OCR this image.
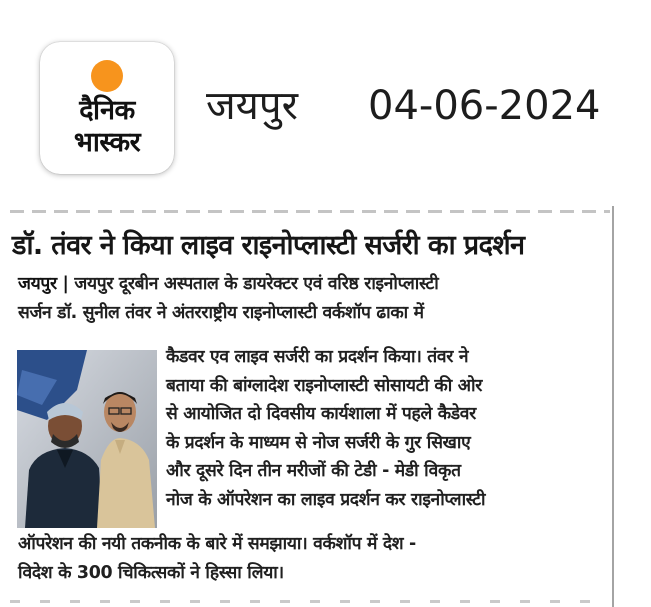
दैनिक
भास्कर
जयपुर 04-06-2024
डॉ. तंवर ने किया लाइव राइनोप्लास्टी सर्जरी का प्रदर्शन
जयपुर | जयपुर दूरबीन अस्पताल के डायरेक्टर एवं वरिष्ठ राइनोप्लास्टी
सर्जन डॉ. सुनील तंवर ने अंतरराष्ट्रीय राइनोप्लास्टी वर्कशॉप ढाका में
कैडवर एव लाइव सर्जरी का प्रदर्शन किया। तंवर ने
बताया की बांग्लादेश राइनोप्लास्टी सोसायटी की ओर
से आयोजित दो दिवसीय कार्यशाला में पहले कैडेवर
के प्रदर्शन के माध्यम से नोज सर्जरी के गुर सिखाए
और दूसरे दिन तीन मरीजों की टेडी - मेडी विकृत
नोज के ऑपरेशन का लाइव प्रदर्शन कर राइनोप्लास्टी
ऑपरेशन की नयी तकनीक के बारे में समझाया। वर्कशॉप में देश -
विदेश के 300 चिकित्सकों ने हिस्सा लिया।
